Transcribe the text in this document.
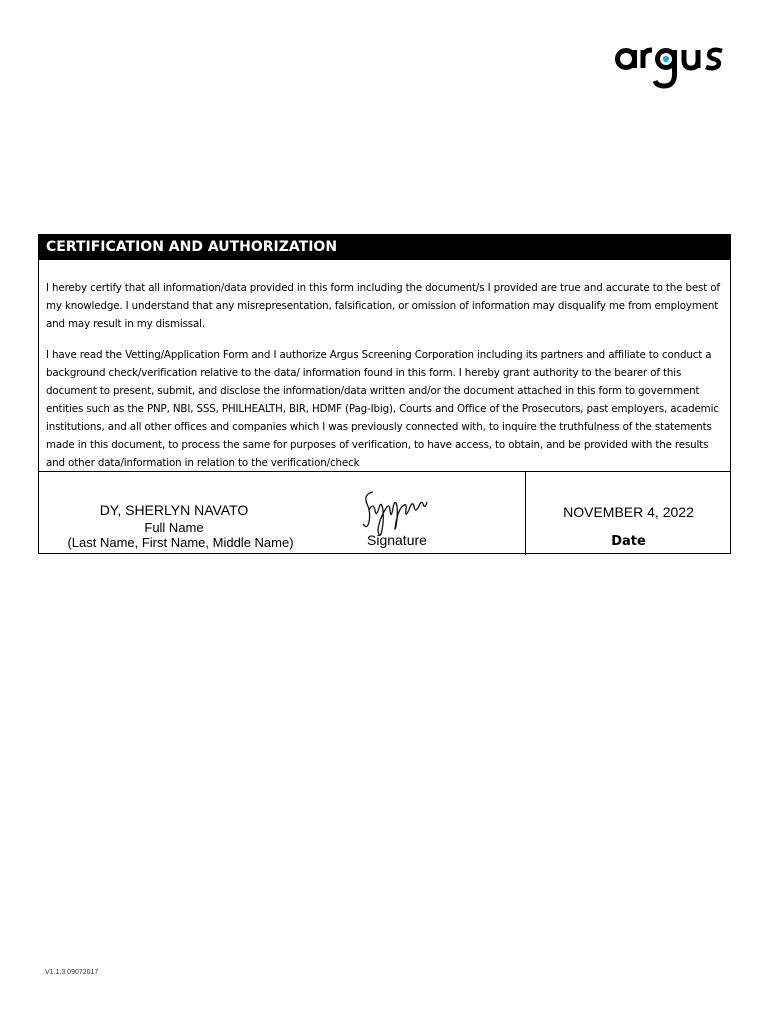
CERTIFICATION AND AUTHORIZATION

I hereby certify that all information/data provided in this form including the document/s I provided are true and accurate to the best of my knowledge. I understand that any misrepresentation, falsification, or omission of information may disqualify me from employment and may result in my dismissal.

I have read the Vetting/Application Form and I authorize Argus Screening Corporation including its partners and affiliate to conduct a background check/verification relative to the data/ information found in this form. I hereby grant authority to the bearer of this document to present, submit, and disclose the information/data written and/or the document attached in this form to government entities such as the PNP, NBI, SSS, PHILHEALTH, BIR, HDMF (Pag-Ibig), Courts and Office of the Prosecutors, past employers, academic institutions, and all other offices and companies which I was previously connected with, to inquire the truthfulness of the statements made in this document, to process the same for purposes of verification, to have access, to obtain, and be provided with the results and other data/information in relation to the verification/check

DY, SHERLYN NAVATO
Full Name
(Last Name, First Name, Middle Name)	Signature
NOVEMBER 4, 2022
Date
V1.1.3 09072017
